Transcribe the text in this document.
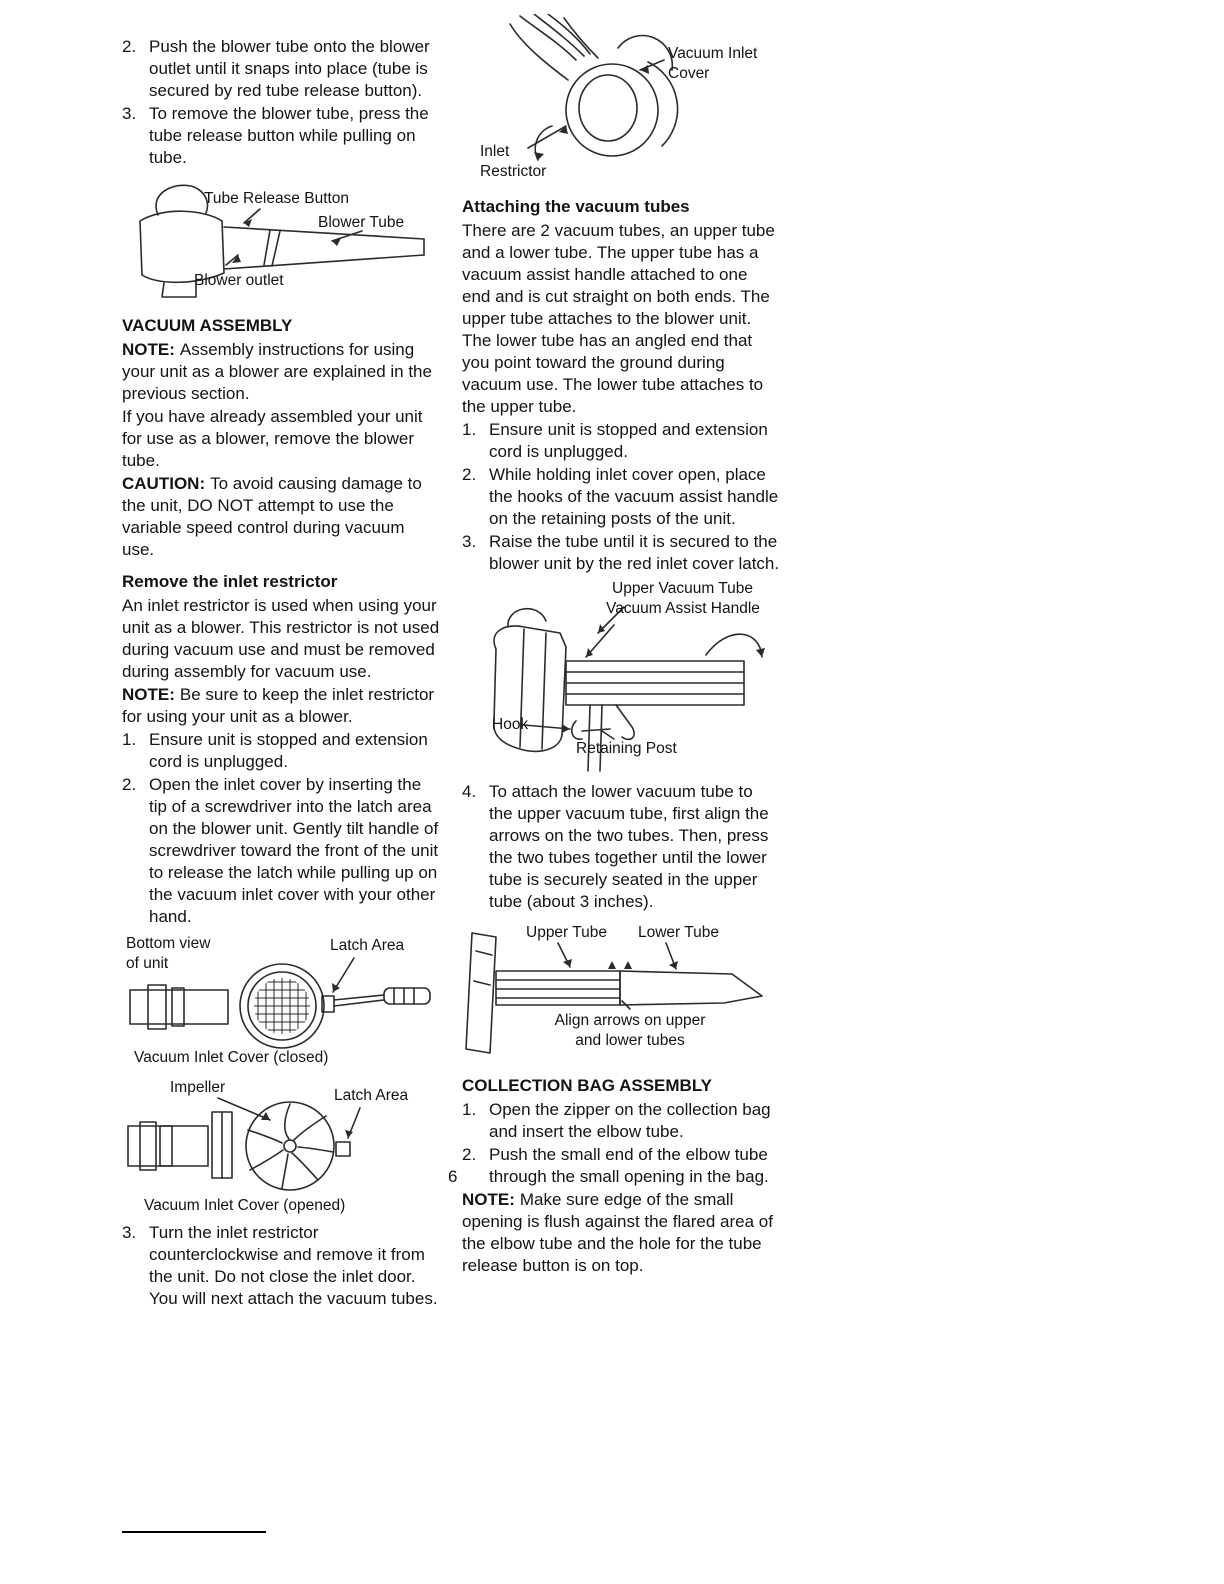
2. Push the blower tube onto the blower outlet until it snaps into place (tube is secured by red tube release button).
3. To remove the blower tube, press the tube release button while pulling on tube.
Tube Release Button
Blower Tube
Blower outlet
VACUUM ASSEMBLY

NOTE: Assembly instructions for using your unit as a blower are explained in the previous section.

If you have already assembled your unit for use as a blower, remove the blower tube.

CAUTION: To avoid causing damage to the unit, DO NOT attempt to use the variable speed control during vacuum use.

Remove the inlet restrictor

An inlet restrictor is used when using your unit as a blower. This restrictor is not used during vacuum use and must be removed during assembly for vacuum use.

NOTE: Be sure to keep the inlet restrictor for using your unit as a blower.

1. Ensure unit is stopped and extension cord is unplugged.
2. Open the inlet cover by inserting the tip of a screwdriver into the latch area on the blower unit. Gently tilt handle of screwdriver toward the front of the unit to release the latch while pulling up on the vacuum inlet cover with your other hand.
Bottom view of unit
Latch Area
Vacuum Inlet Cover (closed)
Impeller	Latch Area
Vacuum Inlet Cover (opened)
3. Turn the inlet restrictor counterclockwise and remove it from the unit. Do not close the inlet door. You will next attach the vacuum tubes.
Vacuum Inlet Cover
Inlet Restrictor
Attaching the vacuum tubes

There are 2 vacuum tubes, an upper tube and a lower tube. The upper tube has a vacuum assist handle attached to one end and is cut straight on both ends. The upper tube attaches to the blower unit. The lower tube has an angled end that you point toward the ground during vacuum use. The lower tube attaches to the upper tube.

1. Ensure unit is stopped and extension cord is unplugged.
2. While holding inlet cover open, place the hooks of the vacuum assist handle on the retaining posts of the unit.
3. Raise the tube until it is secured to the blower unit by the red inlet cover latch.
Upper Vacuum Tube
Vacuum Assist Handle
Hook
Retaining Post
4. To attach the lower vacuum tube to the upper vacuum tube, first align the arrows on the two tubes. Then, press the two tubes together until the lower tube is securely seated in the upper tube (about 3 inches).
Upper Tube Lower Tube
Align arrows on upper and lower tubes
COLLECTION BAG ASSEMBLY
1. Open the zipper on the collection bag and insert the elbow tube.
2. Push the small end of the elbow tube through the small opening in the bag.

NOTE: Make sure edge of the small opening is flush against the flared area of the elbow tube and the hole for the tube release button is on top.

6
